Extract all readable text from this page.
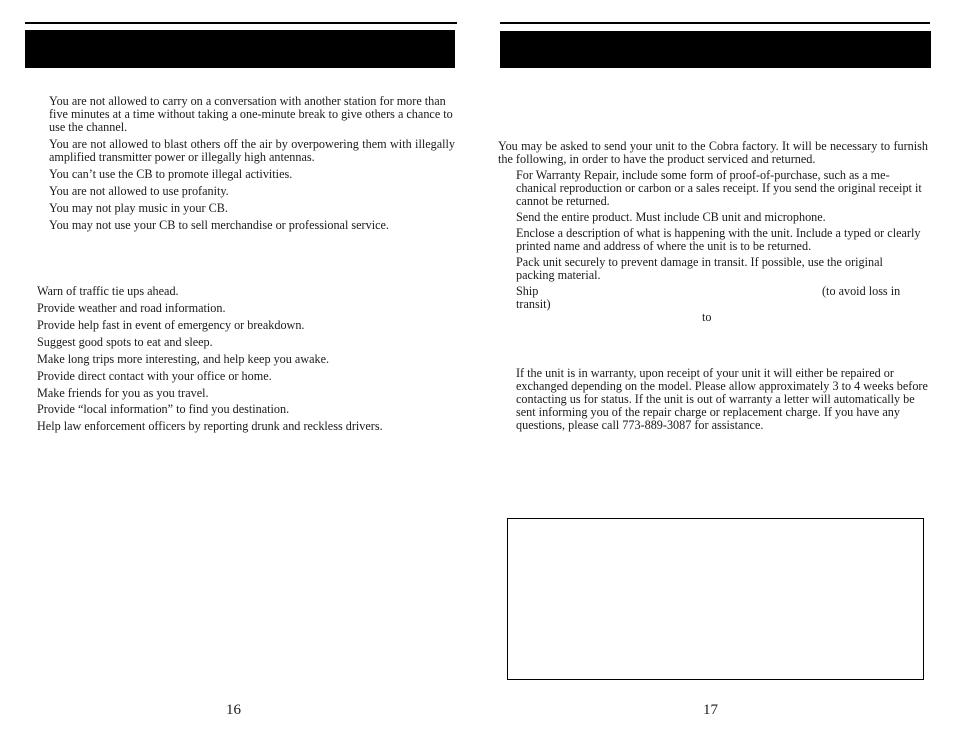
You are not allowed to carry on a conversation with another station for more than five minutes at a time without taking a one-minute break to give others a chance to use the channel.
You are not allowed to blast others off the air by overpowering them with illegally amplified transmitter power or illegally high antennas.
You can’t use the CB to promote illegal activities.
You are not allowed to use profanity.
You may not play music in your CB.
You may not use your CB to sell merchandise or professional service.
Warn of traffic tie ups ahead.
Provide weather and road information.
Provide help fast in event of emergency or breakdown.
Suggest good spots to eat and sleep.
Make long trips more interesting, and help keep you awake.
Provide direct contact with your office or home.
Make friends for you as you travel.
Provide “local information” to find you destination.
Help law enforcement officers by reporting drunk and reckless drivers.
16
You may be asked to send your unit to the Cobra factory. It will be necessary to furnish the following, in order to have the product serviced and returned.
For Warranty Repair, include some form of proof-of-purchase, such as a me- chanical reproduction or carbon or a sales receipt. If you send the original receipt it cannot be returned.
Send the entire product. Must include CB unit and microphone.
Enclose a description of what is happening with the unit. Include a typed or clearly printed name and address of where the unit is to be returned.
Pack unit securely to prevent damage in transit. If possible, use the original packing material.
Ship	(to avoid loss in
transit)
to
If the unit is in warranty, upon receipt of your unit it will either be repaired or exchanged depending on the model. Please allow approximately 3 to 4 weeks before contacting us for status. If the unit is out of warranty a letter will automatically be sent informing you of the repair charge or replacement charge. If you have any questions, please call 773-889-3087 for assistance.
17
